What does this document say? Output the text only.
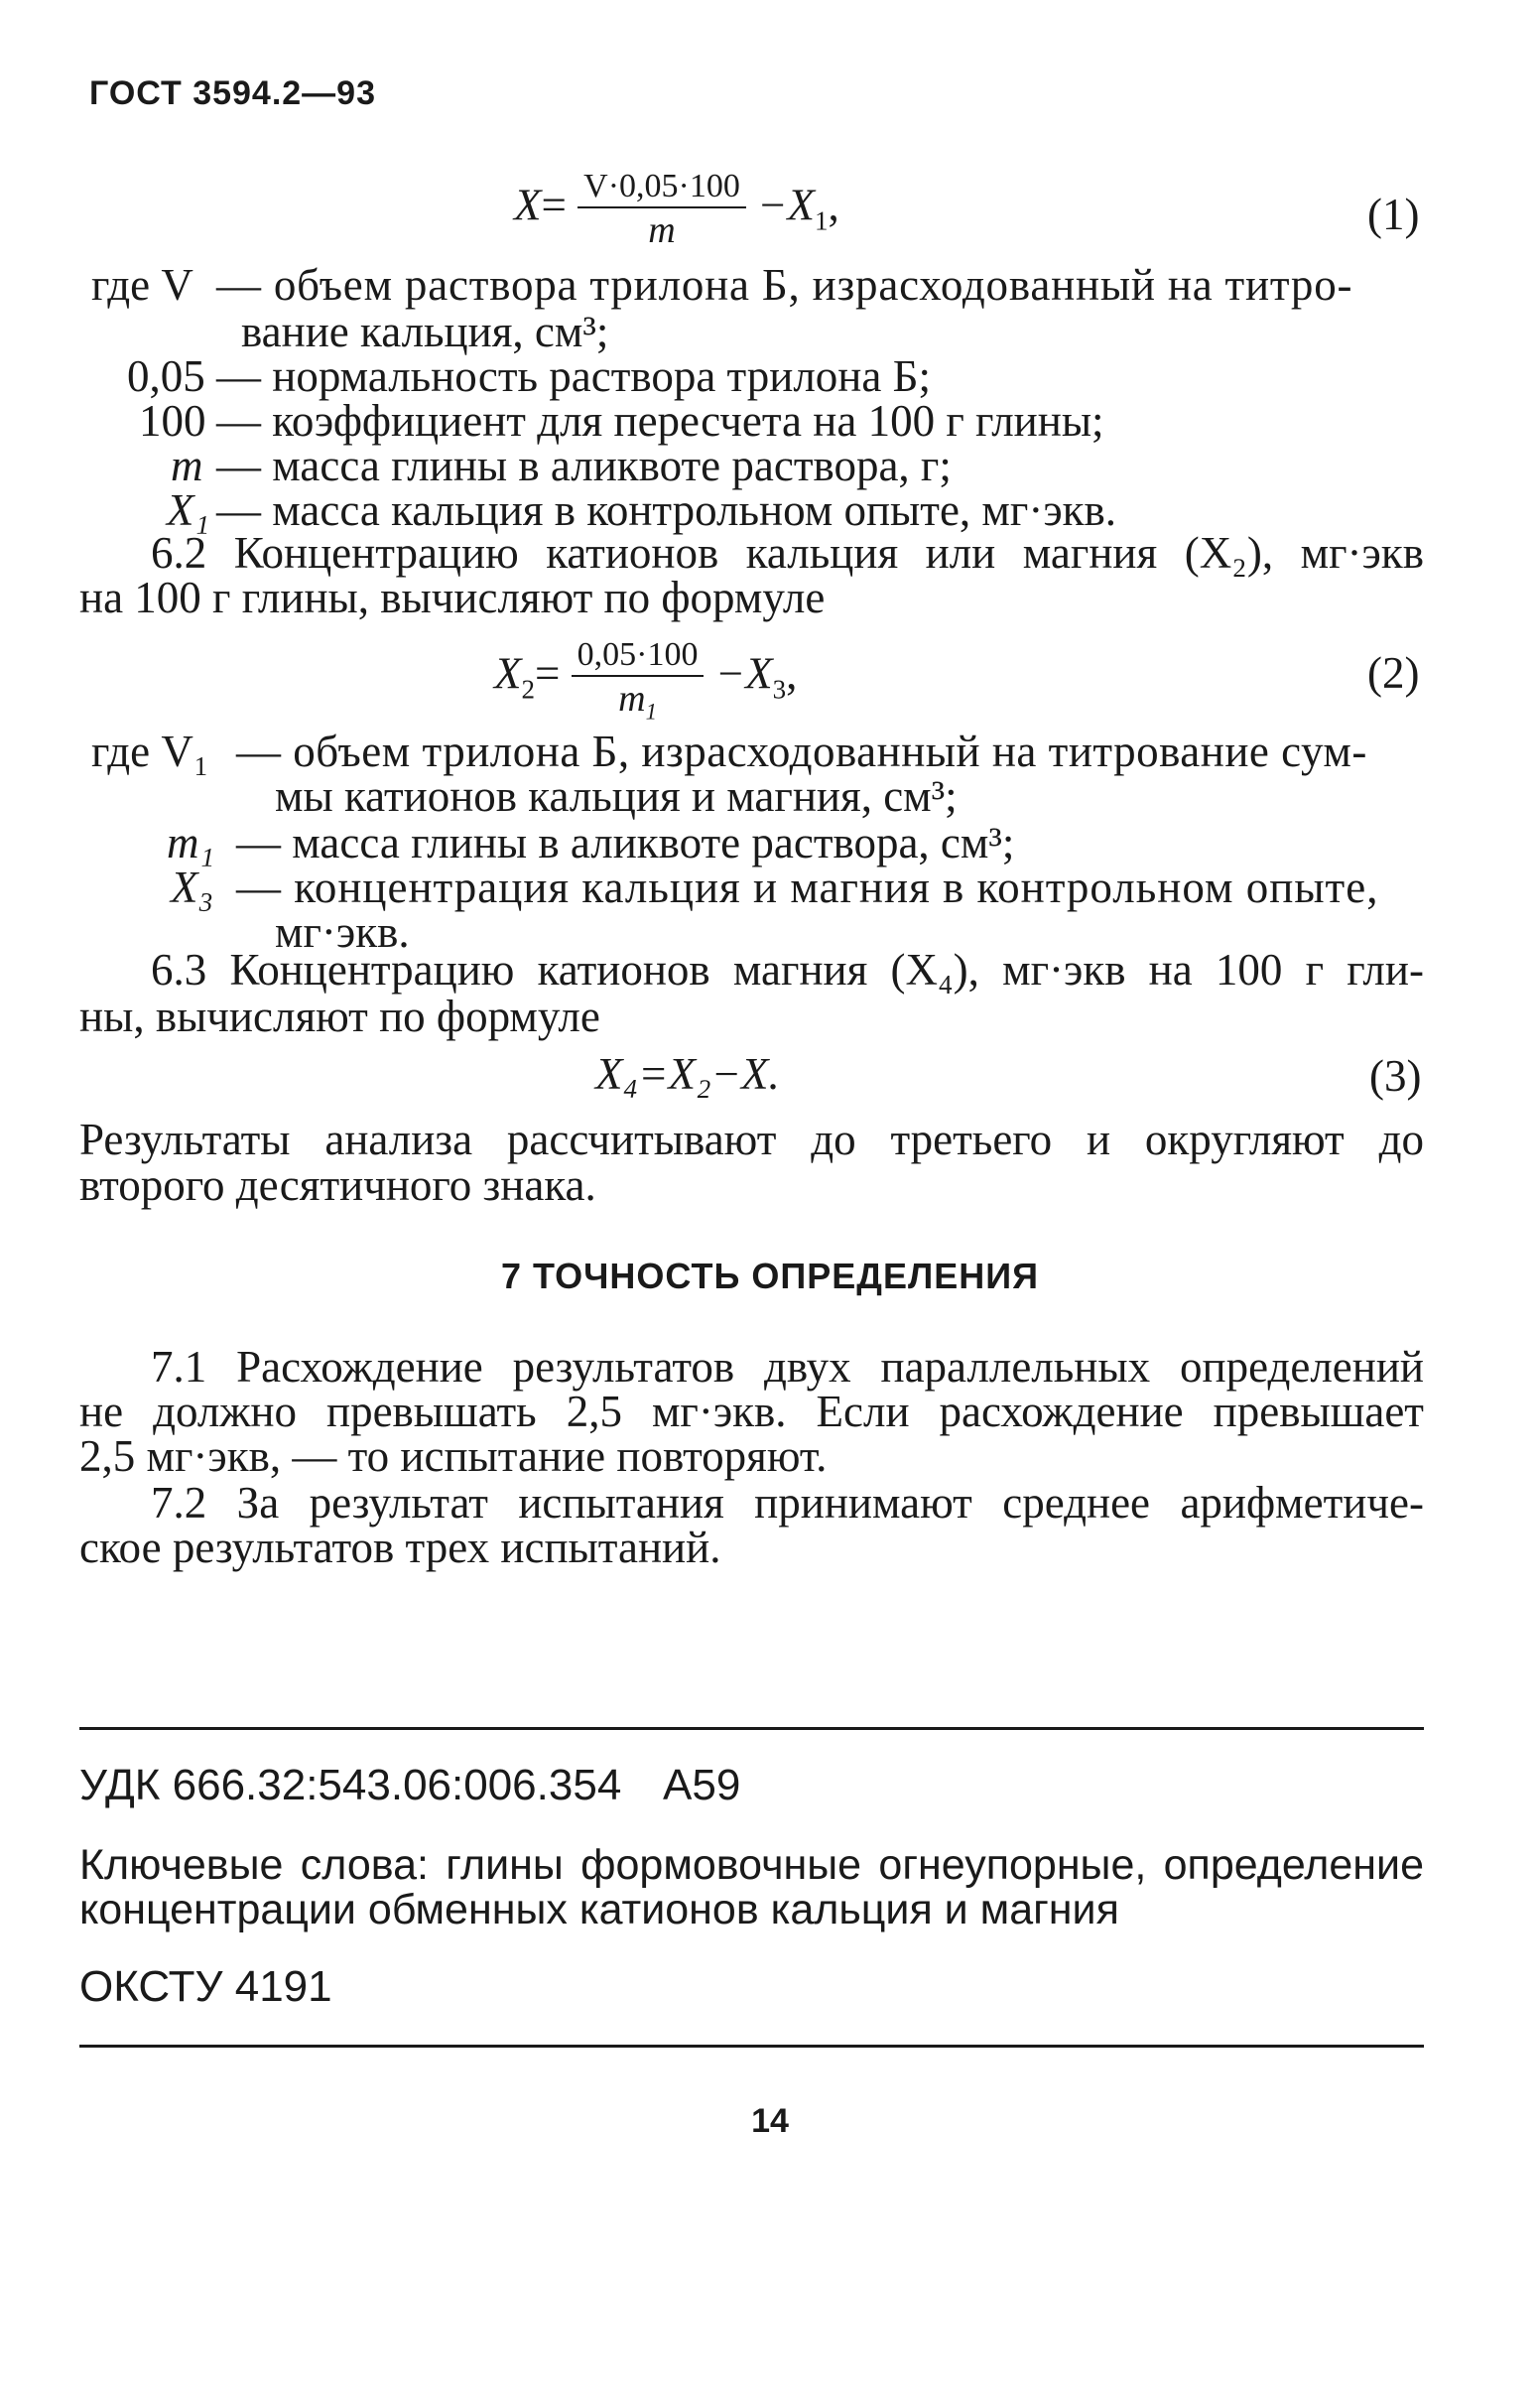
ГОСТ 3594.2—93
$X= \frac{V\cdot 0,05\cdot 100}{m} -X_1$,	(1)
где V — объем раствора трилона Б, израсходованный на титро-
вание кальция, см³;
0,05 — нормальность раствора трилона Б;
100 — коэффициент для пересчета на 100 г глины;
m — масса глины в аликвоте раствора, г;
X₁ — масса кальция в контрольном опыте, мг·экв.
6.2 Концентрацию катионов кальция или магния (X₂), мг·экв
на 100 г глины, вычисляют по формуле
$X_2= \frac{0,05\cdot 100}{m_1} -X_3$,	(2)
где V₁ — объем трилона Б, израсходованный на титрование сум-
мы катионов кальция и магния, см³;
m₁ — масса глины в аликвоте раствора, см³;
X₃ — концентрация кальция и магния в контрольном опыте,
мг·экв.
6.3 Концентрацию катионов магния (X₄), мг·экв на 100 г гли-
ны, вычисляют по формуле
X₄=X₂−X.	(3)
Результаты анализа рассчитывают до третьего и округляют до
второго десятичного знака.
7 ТОЧНОСТЬ ОПРЕДЕЛЕНИЯ
7.1 Расхождение результатов двух параллельных определений
не должно превышать 2,5 мг·экв. Если расхождение превышает
2,5 мг·экв, — то испытание повторяют.
7.2 За результат испытания принимают среднее арифметиче-
ское результатов трех испытаний.
УДК 666.32:543.06:006.354 А59
Ключевые слова: глины формовочные огнеупорные, определение
концентрации обменных катионов кальция и магния
ОКСТУ 4191
14
